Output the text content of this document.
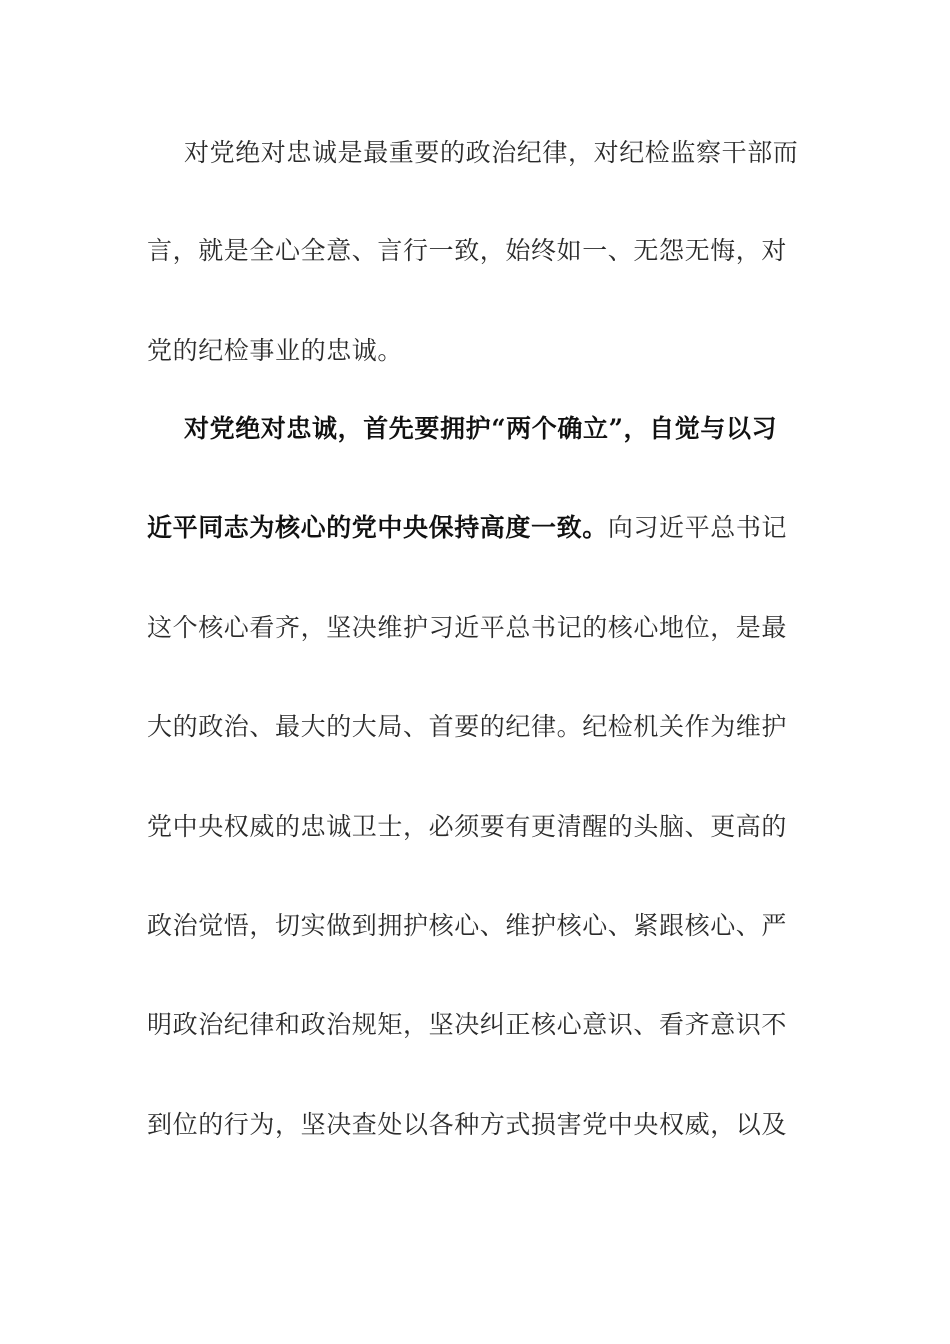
对党绝对忠诚是最重要的政治纪律，对纪检监察干部而
言，就是全心全意、言行一致，始终如一、无怨无悔，对
党的纪检事业的忠诚。
对党绝对忠诚，首先要拥护“两个确立”，自觉与以习
近平同志为核心的党中央保持高度一致。向习近平总书记
这个核心看齐，坚决维护习近平总书记的核心地位，是最
大的政治、最大的大局、首要的纪律。纪检机关作为维护
党中央权威的忠诚卫士，必须要有更清醒的头脑、更高的
政治觉悟，切实做到拥护核心、维护核心、紧跟核心、严
明政治纪律和政治规矩，坚决纠正核心意识、看齐意识不
到位的行为，坚决查处以各种方式损害党中央权威，以及
